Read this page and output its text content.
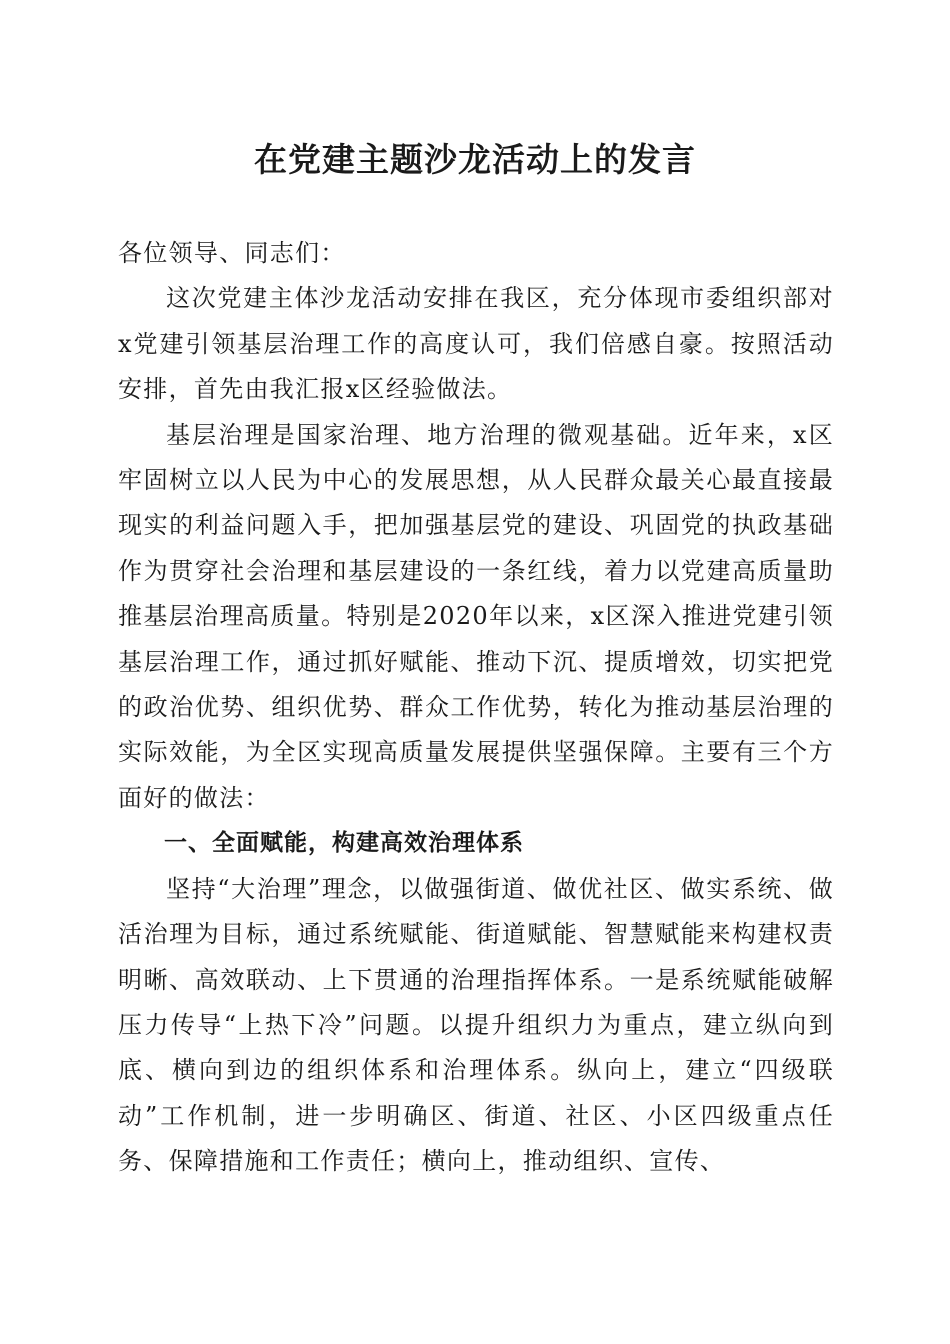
在党建主题沙龙活动上的发言

各位领导、同志们：

这次党建主体沙龙活动安排在我区，充分体现市委组织部对x党建引领基层治理工作的高度认可，我们倍感自豪。按照活动安排，首先由我汇报x区经验做法。

基层治理是国家治理、地方治理的微观基础。近年来，x区牢固树立以人民为中心的发展思想，从人民群众最关心最直接最现实的利益问题入手，把加强基层党的建设、巩固党的执政基础作为贯穿社会治理和基层建设的一条红线，着力以党建高质量助推基层治理高质量。特别是2020年以来，x区深入推进党建引领基层治理工作，通过抓好赋能、推动下沉、提质增效，切实把党的政治优势、组织优势、群众工作优势，转化为推动基层治理的实际效能，为全区实现高质量发展提供坚强保障。主要有三个方面好的做法：

一、全面赋能，构建高效治理体系

坚持“大治理”理念，以做强街道、做优社区、做实系统、做活治理为目标，通过系统赋能、街道赋能、智慧赋能来构建权责明晰、高效联动、上下贯通的治理指挥体系。一是系统赋能破解压力传导“上热下冷”问题。以提升组织力为重点，建立纵向到底、横向到边的组织体系和治理体系。纵向上，建立“四级联动”工作机制，进一步明确区、街道、社区、小区四级重点任务、保障措施和工作责任；横向上，推动组织、宣传、
